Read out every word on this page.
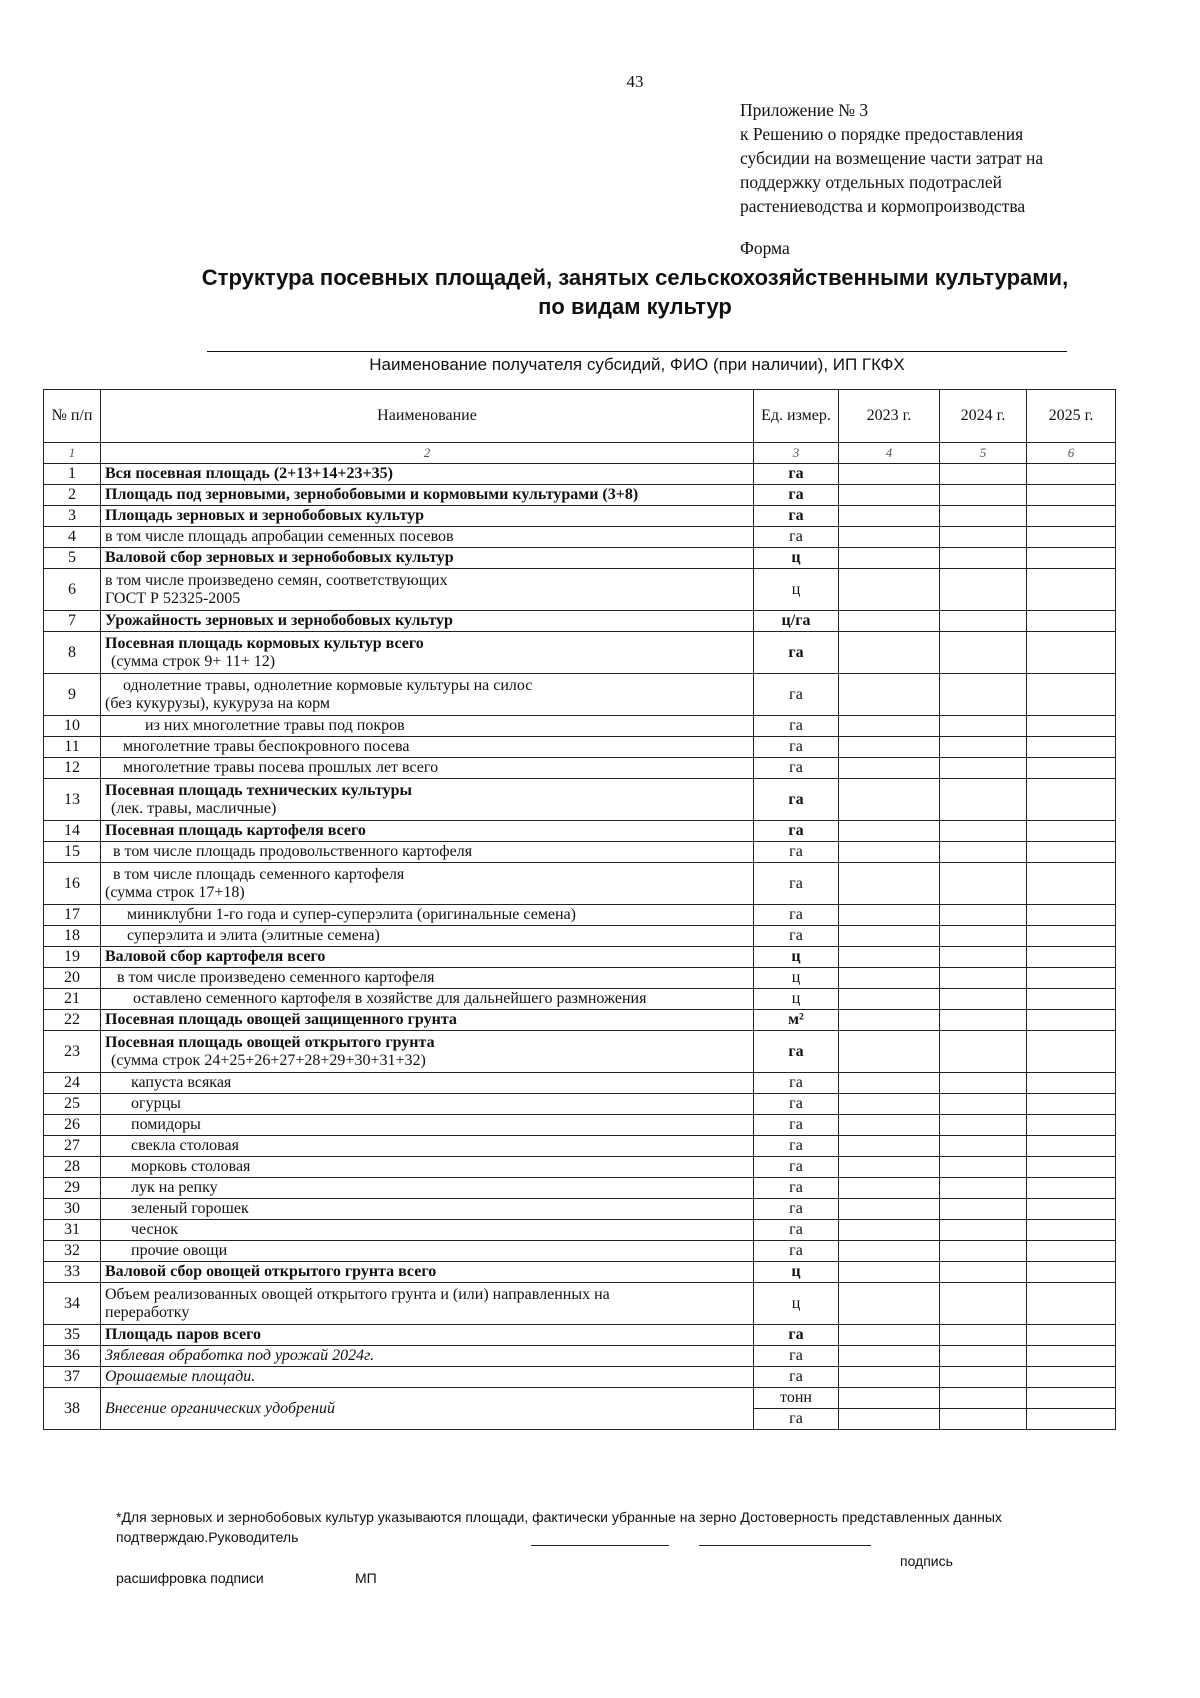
43
Приложение № 3
к Решению о порядке предоставления
субсидии на возмещение части затрат на
поддержку отдельных подотраслей
растениеводства и кормопроизводства
Форма
Структура посевных площадей, занятых сельскохозяйственными культурами,
по видам культур
Наименование получателя субсидий, ФИО (при наличии), ИП ГКФХ
№ п/п	Наименование	Ед. измер.	2023 г.	2024 г.	2025 г.
1	2	3	4	5	6
1	Вся посевная площадь (2+13+14+23+35)	га			
2	Площадь под зерновыми, зернобобовыми и кормовыми культурами (3+8)	га			
3	Площадь зерновых и зернобобовых культур	га			
4	в том числе площадь апробации семенных посевов	га			
5	Валовой сбор зерновых и зернобобовых культур	ц			
6	в том числе произведено семян, соответствующих
ГОСТ Р 52325-2005	ц			
7	Урожайность зерновых и зернобобовых культур	ц/га			
8	Посевная площадь кормовых культур всего
(сумма строк 9+ 11+ 12)	га			
9	однолетние травы, однолетние кормовые культуры на силос
(без кукурузы), кукуруза на корм	га			
10	из них многолетние травы под покров	га			
11	многолетние травы беспокровного посева	га			
12	многолетние травы посева прошлых лет всего	га			
13	Посевная площадь технических культуры
(лек. травы, масличные)	га			
14	Посевная площадь картофеля всего	га			
15	в том числе площадь продовольственного картофеля	га			
16	в том числе площадь семенного картофеля
(сумма строк 17+18)	га			
17	миниклубни 1-го года и супер-суперэлита (оригинальные семена)	га			
18	суперэлита и элита (элитные семена)	га			
19	Валовой сбор картофеля всего	ц			
20	в том числе произведено семенного картофеля	ц			
21	оставлено семенного картофеля в хозяйстве для дальнейшего размножения	ц			
22	Посевная площадь овощей защищенного грунта	м²			
23	Посевная площадь овощей открытого грунта
(сумма строк 24+25+26+27+28+29+30+31+32)	га			
24	капуста всякая	га			
25	огурцы	га			
26	помидоры	га			
27	свекла столовая	га			
28	морковь столовая	га			
29	лук на репку	га			
30	зеленый горошек	га			
31	чеснок	га			
32	прочие овощи	га			
33	Валовой сбор овощей открытого грунта всего	ц			
34	Объем реализованных овощей открытого грунта и (или) направленных на
переработку	ц			
35	Площадь паров всего	га			
36	Зяблевая обработка под урожай 2024г.	га			
37	Орошаемые площади.	га			
38	Внесение органических удобрений	тонн			
		га			
*Для зерновых и зернобобовых культур указываются площади, фактически убранные на зерно Достоверность представленных данных подтверждаю.Руководитель
подпись
расшифровка подписи	МП
